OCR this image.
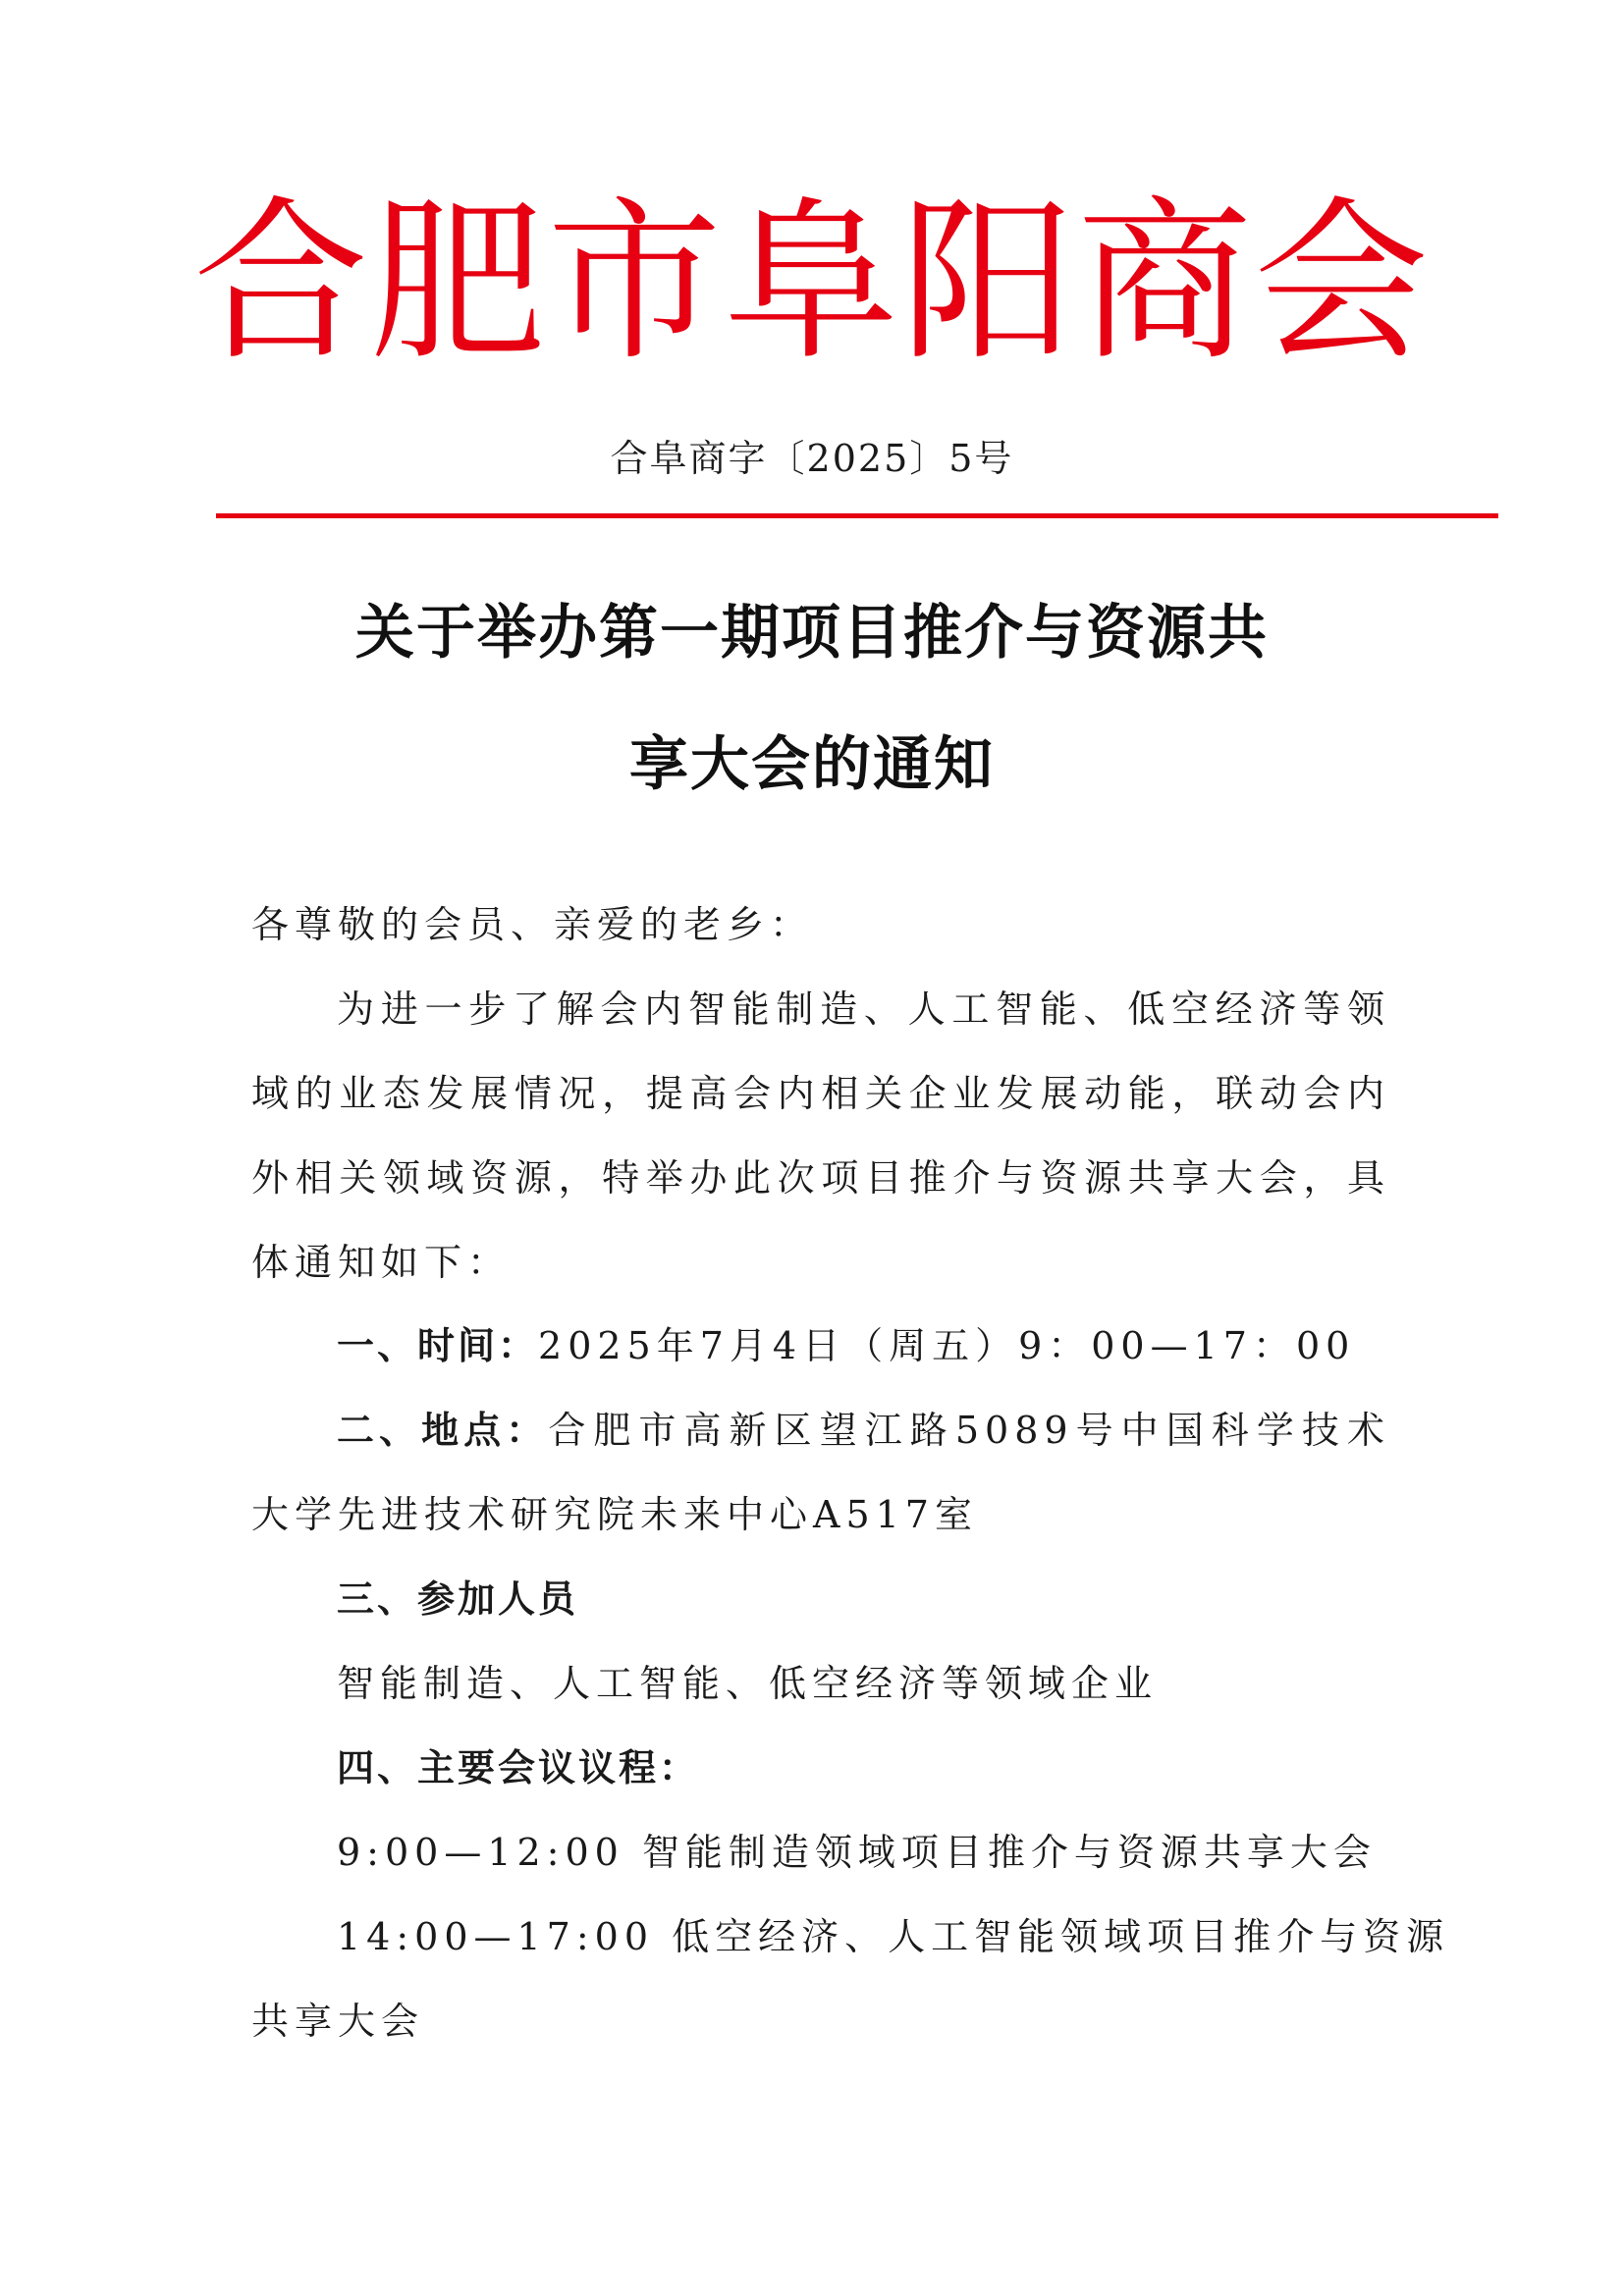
合肥市阜阳商会
合阜商字〔2025〕5号
关于举办第一期项目推介与资源共
享大会的通知
各尊敬的会员、亲爱的老乡：
为进一步了解会内智能制造、人工智能、低空经济等领
域的业态发展情况，提高会内相关企业发展动能，联动会内
外相关领域资源，特举办此次项目推介与资源共享大会，具
体通知如下：
一、时间：2025年7月4日（周五）9：00—17：00
二、地点：合肥市高新区望江路5089号中国科学技术
大学先进技术研究院未来中心A517室
三、参加人员
智能制造、人工智能、低空经济等领域企业
四、主要会议议程：
9:00—12:00 智能制造领域项目推介与资源共享大会
14:00—17:00 低空经济、人工智能领域项目推介与资源
共享大会
